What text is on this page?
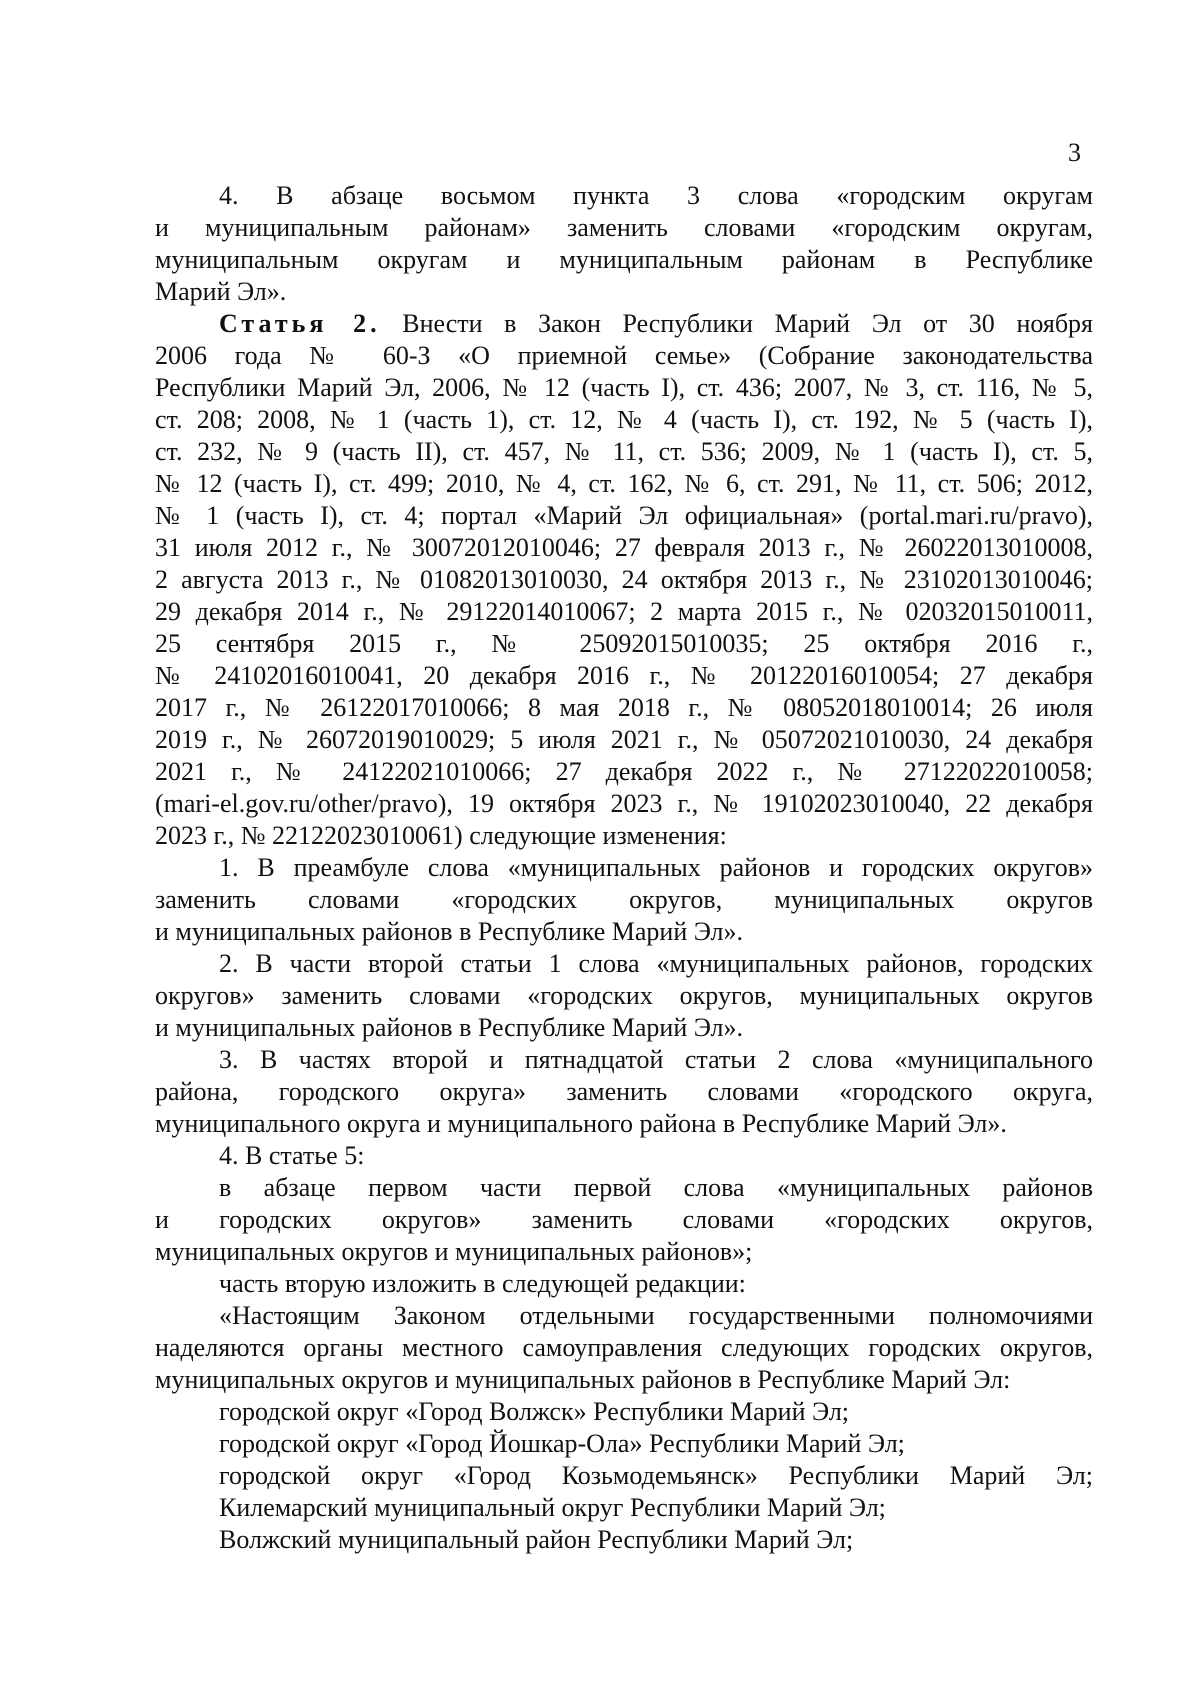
3
4. В абзаце восьмом пункта 3 слова «городским округам
и муниципальным районам» заменить словами «городским округам,
муниципальным округам и муниципальным районам в Республике
Марий Эл».
Статья 2. Внести в Закон Республики Марий Эл от 30 ноября
2006 года № 60-З «О приемной семье» (Собрание законодательства
Республики Марий Эл, 2006, № 12 (часть I), ст. 436; 2007, № 3, ст. 116, № 5,
ст. 208; 2008, № 1 (часть 1), ст. 12, № 4 (часть I), ст. 192, № 5 (часть I),
ст. 232, № 9 (часть II), ст. 457, № 11, ст. 536; 2009, № 1 (часть I), ст. 5,
№ 12 (часть I), ст. 499; 2010, № 4, ст. 162, № 6, ст. 291, № 11, ст. 506; 2012,
№ 1 (часть I), ст. 4; портал «Марий Эл официальная» (portal.mari.ru/pravo),
31 июля 2012 г., № 30072012010046; 27 февраля 2013 г., № 26022013010008,
2 августа 2013 г., № 01082013010030, 24 октября 2013 г., № 23102013010046;
29 декабря 2014 г., № 29122014010067; 2 марта 2015 г., № 02032015010011,
25 сентября 2015 г., № 25092015010035; 25 октября 2016 г.,
№ 24102016010041, 20 декабря 2016 г., № 20122016010054; 27 декабря
2017 г., № 26122017010066; 8 мая 2018 г., № 08052018010014; 26 июля
2019 г., № 26072019010029; 5 июля 2021 г., № 05072021010030, 24 декабря
2021 г., № 24122021010066; 27 декабря 2022 г., № 27122022010058;
(mari-el.gov.ru/other/pravo), 19 октября 2023 г., № 19102023010040, 22 декабря
2023 г., № 22122023010061) следующие изменения:
1. В преамбуле слова «муниципальных районов и городских округов»
заменить словами «городских округов, муниципальных округов
и муниципальных районов в Республике Марий Эл».
2. В части второй статьи 1 слова «муниципальных районов, городских
округов» заменить словами «городских округов, муниципальных округов
и муниципальных районов в Республике Марий Эл».
3. В частях второй и пятнадцатой статьи 2 слова «муниципального
района, городского округа» заменить словами «городского округа,
муниципального округа и муниципального района в Республике Марий Эл».
4. В статье 5:
в абзаце первом части первой слова «муниципальных районов
и городских округов» заменить словами «городских округов,
муниципальных округов и муниципальных районов»;
часть вторую изложить в следующей редакции:
«Настоящим Законом отдельными государственными полномочиями
наделяются органы местного самоуправления следующих городских округов,
муниципальных округов и муниципальных районов в Республике Марий Эл:
городской округ «Город Волжск» Республики Марий Эл;
городской округ «Город Йошкар-Ола» Республики Марий Эл;
городской округ «Город Козьмодемьянск» Республики Марий Эл;
Килемарский муниципальный округ Республики Марий Эл;
Волжский муниципальный район Республики Марий Эл;
